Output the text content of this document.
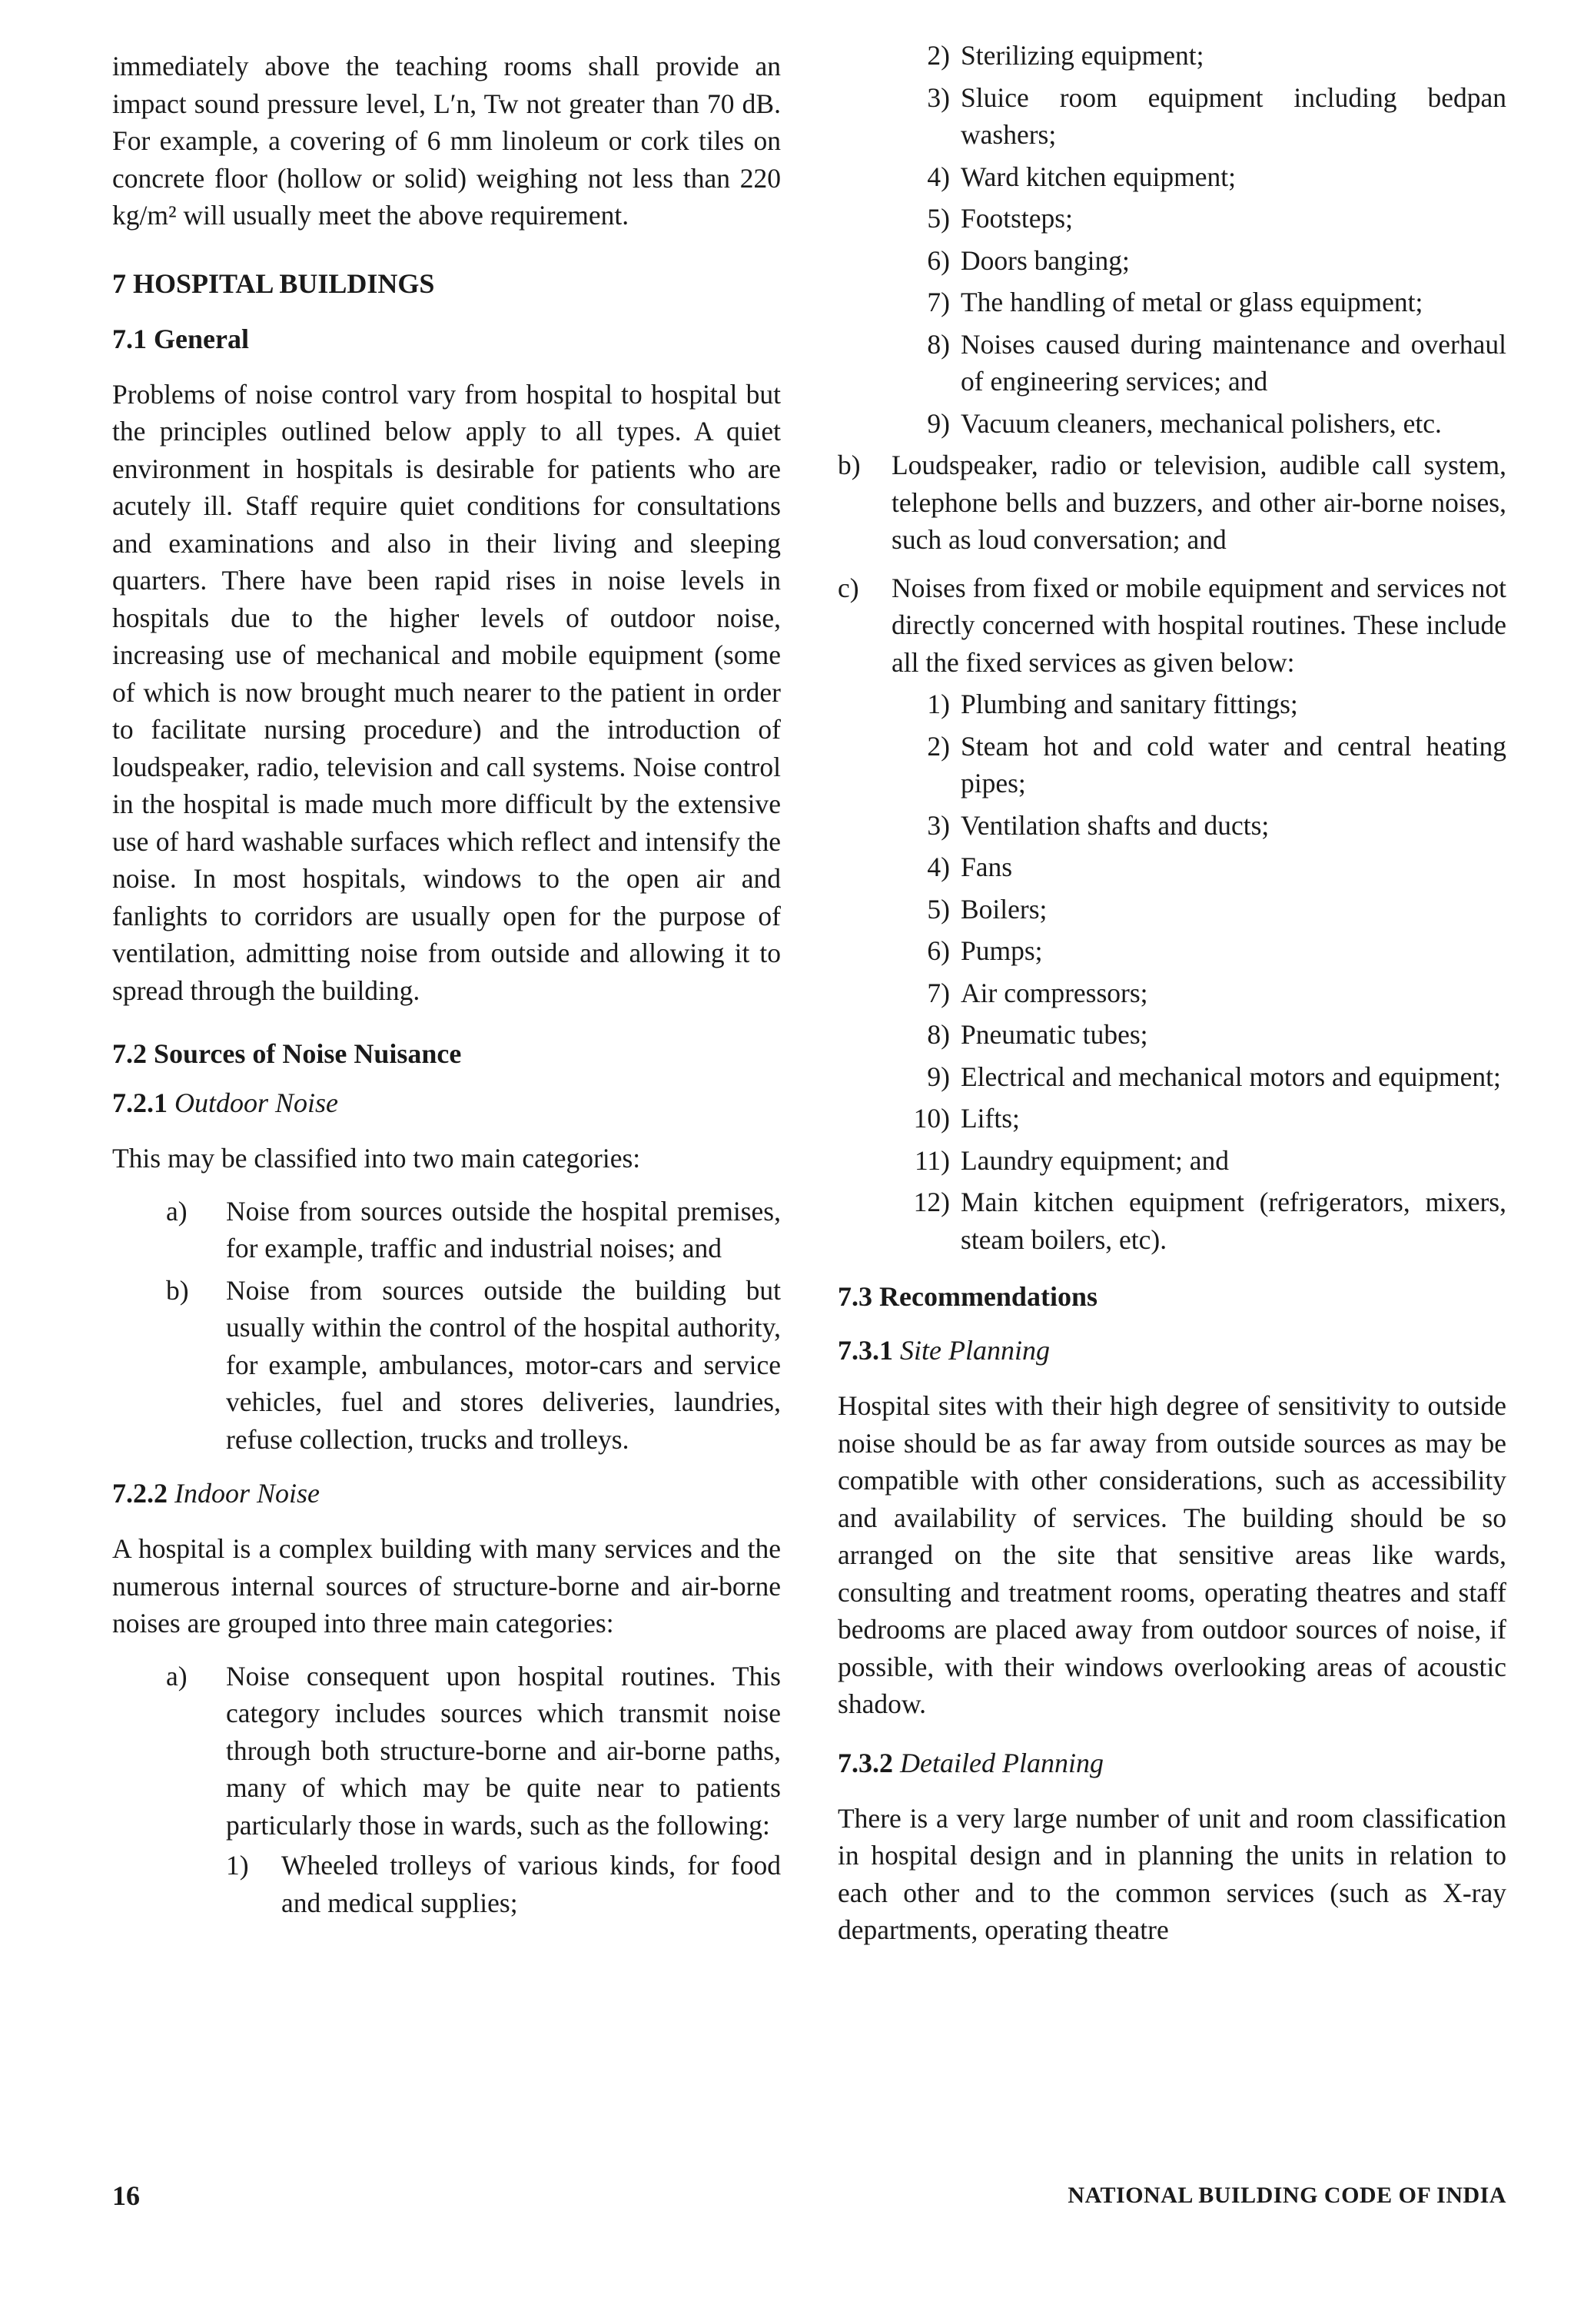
immediately above the teaching rooms shall provide an impact sound pressure level, L′n, Tw not greater than 70 dB. For example, a covering of 6 mm linoleum or cork tiles on concrete floor (hollow or solid) weighing not less than 220 kg/m² will usually meet the above requirement.

7 HOSPITAL BUILDINGS

7.1 General

Problems of noise control vary from hospital to hospital but the principles outlined below apply to all types. A quiet environment in hospitals is desirable for patients who are acutely ill. Staff require quiet conditions for consultations and examinations and also in their living and sleeping quarters. There have been rapid rises in noise levels in hospitals due to the higher levels of outdoor noise, increasing use of mechanical and mobile equipment (some of which is now brought much nearer to the patient in order to facilitate nursing procedure) and the introduction of loudspeaker, radio, television and call systems. Noise control in the hospital is made much more difficult by the extensive use of hard washable surfaces which reflect and intensify the noise. In most hospitals, windows to the open air and fanlights to corridors are usually open for the purpose of ventilation, admitting noise from outside and allowing it to spread through the building.

7.2 Sources of Noise Nuisance

7.2.1 Outdoor Noise

This may be classified into two main categories:

a)	Noise from sources outside the hospital premises, for example, traffic and industrial noises; and

b)	Noise from sources outside the building but usually within the control of the hospital authority, for example, ambulances, motor-cars and service vehicles, fuel and stores deliveries, laundries, refuse collection, trucks and trolleys.

7.2.2 Indoor Noise

A hospital is a complex building with many services and the numerous internal sources of structure-borne and air-borne noises are grouped into three main categories:

a)	Noise consequent upon hospital routines. This category includes sources which transmit noise through both structure-borne and air-borne paths, many of which may be quite near to patients particularly those in wards, such as the following:

1)	Wheeled trolleys of various kinds, for food and medical supplies;

2) Sterilizing equipment;

3) Sluice room equipment including bedpan washers;

4) Ward kitchen equipment;

5) Footsteps;

6) Doors banging;

7) The handling of metal or glass equipment;

8) Noises caused during maintenance and overhaul of engineering services; and

9) Vacuum cleaners, mechanical polishers, etc.

b) Loudspeaker, radio or television, audible call system, telephone bells and buzzers, and other air-borne noises, such as loud conversation; and

c) Noises from fixed or mobile equipment and services not directly concerned with hospital routines. These include all the fixed services as given below:

1) Plumbing and sanitary fittings;

2) Steam hot and cold water and central heating pipes;

3) Ventilation shafts and ducts;

4) Fans

5) Boilers;

6) Pumps;

7) Air compressors;

8) Pneumatic tubes;

9) Electrical and mechanical motors and equipment;

10) Lifts;

11) Laundry equipment; and

12) Main kitchen equipment (refrigerators, mixers, steam boilers, etc).

7.3 Recommendations

7.3.1 Site Planning

Hospital sites with their high degree of sensitivity to outside noise should be as far away from outside sources as may be compatible with other considerations, such as accessibility and availability of services. The building should be so arranged on the site that sensitive areas like wards, consulting and treatment rooms, operating theatres and staff bedrooms are placed away from outdoor sources of noise, if possible, with their windows overlooking areas of acoustic shadow.

7.3.2 Detailed Planning

There is a very large number of unit and room classification in hospital design and in planning the units in relation to each other and to the common services (such as X-ray departments, operating theatre

16	NATIONAL BUILDING CODE OF INDIA
